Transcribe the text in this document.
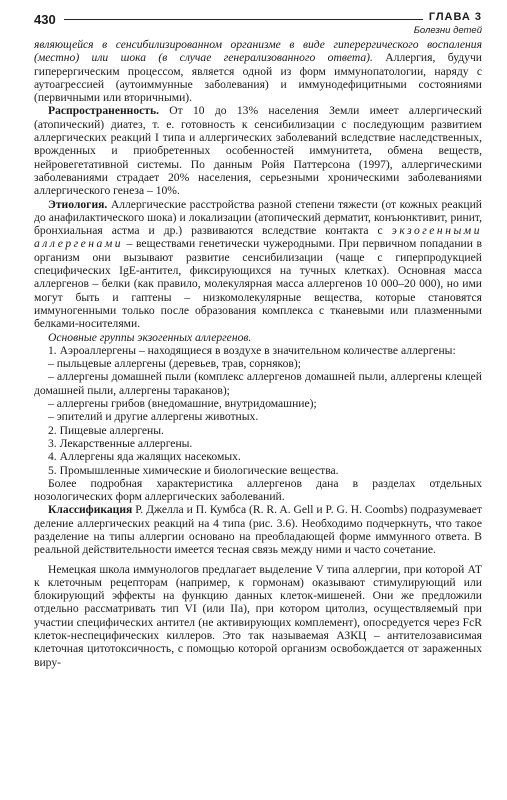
430	ГЛАВА 3
Болезни детей

являющейся в сенсибилизированном организме в виде гиперергического воспаления (местно) или шока (в случае генерализованного ответа). Аллергия, будучи гиперергическим процессом, является одной из форм иммунопатологии, наряду с аутоагрессией (аутоиммунные заболевания) и иммунодефицитными состояниями (первичными или вторичными).

Распространенность. От 10 до 13% населения Земли имеет аллергический (атопический) диатез, т. е. готовность к сенсибилизации с последующим развитием аллергических реакций I типа и аллергических заболеваний вследствие наследственных, врожденных и приобретенных особенностей иммунитета, обмена веществ, нейровегетативной системы. По данным Ройя Паттерсона (1997), аллергическими заболеваниями страдает 20% населения, серьезными хроническими заболеваниями аллергического генеза – 10%.

Этиология. Аллергические расстройства разной степени тяжести (от кожных реакций до анафилактического шока) и локализации (атопический дерматит, конъюнктивит, ринит, бронхиальная астма и др.) развиваются вследствие контакта с экзогенными аллергенами – веществами генетически чужеродными. При первичном попадании в организм они вызывают развитие сенсибилизации (чаще с гиперпродукцией специфических IgE-антител, фиксирующихся на тучных клетках). Основная масса аллергенов – белки (как правило, молекулярная масса аллергенов 10 000–20 000), но ими могут быть и гаптены – низкомолекулярные вещества, которые становятся иммуногенными только после образования комплекса с тканевыми или плазменными белками-носителями.

Основные группы экзогенных аллергенов.

1. Аэроаллергены – находящиеся в воздухе в значительном количестве аллергены:

– пыльцевые аллергены (деревьев, трав, сорняков);

– аллергены домашней пыли (комплекс аллергенов домашней пыли, аллергены клещей домашней пыли, аллергены тараканов);

– аллергены грибов (внедомашние, внутридомашние);

– эпителий и другие аллергены животных.

2. Пищевые аллергены.

3. Лекарственные аллергены.

4. Аллергены яда жалящих насекомых.

5. Промышленные химические и биологические вещества.

Более подробная характеристика аллергенов дана в разделах отдельных нозологических форм аллергических заболеваний.

Классификация Р. Джелла и П. Кумбса (R. R. A. Gell и P. G. H. Coombs) подразумевает деление аллергических реакций на 4 типа (рис. 3.6). Необходимо подчеркнуть, что такое разделение на типы аллергии основано на преобладающей форме иммунного ответа. В реальной действительности имеется тесная связь между ними и часто сочетание.

Немецкая школа иммунологов предлагает выделение V типа аллергии, при которой АТ к клеточным рецепторам (например, к гормонам) оказывают стимулирующий или блокирующий эффекты на функцию данных клеток-мишеней. Они же предложили отдельно рассматривать тип VI (или IIa), при котором цитолиз, осуществляемый при участии специфических антител (не активирующих комплемент), опосредуется через FcR клеток-неспецифических киллеров. Это так называемая АЗКЦ – антителозависимая клеточная цитотоксичность, с помощью которой организм освобождается от зараженных виру-
